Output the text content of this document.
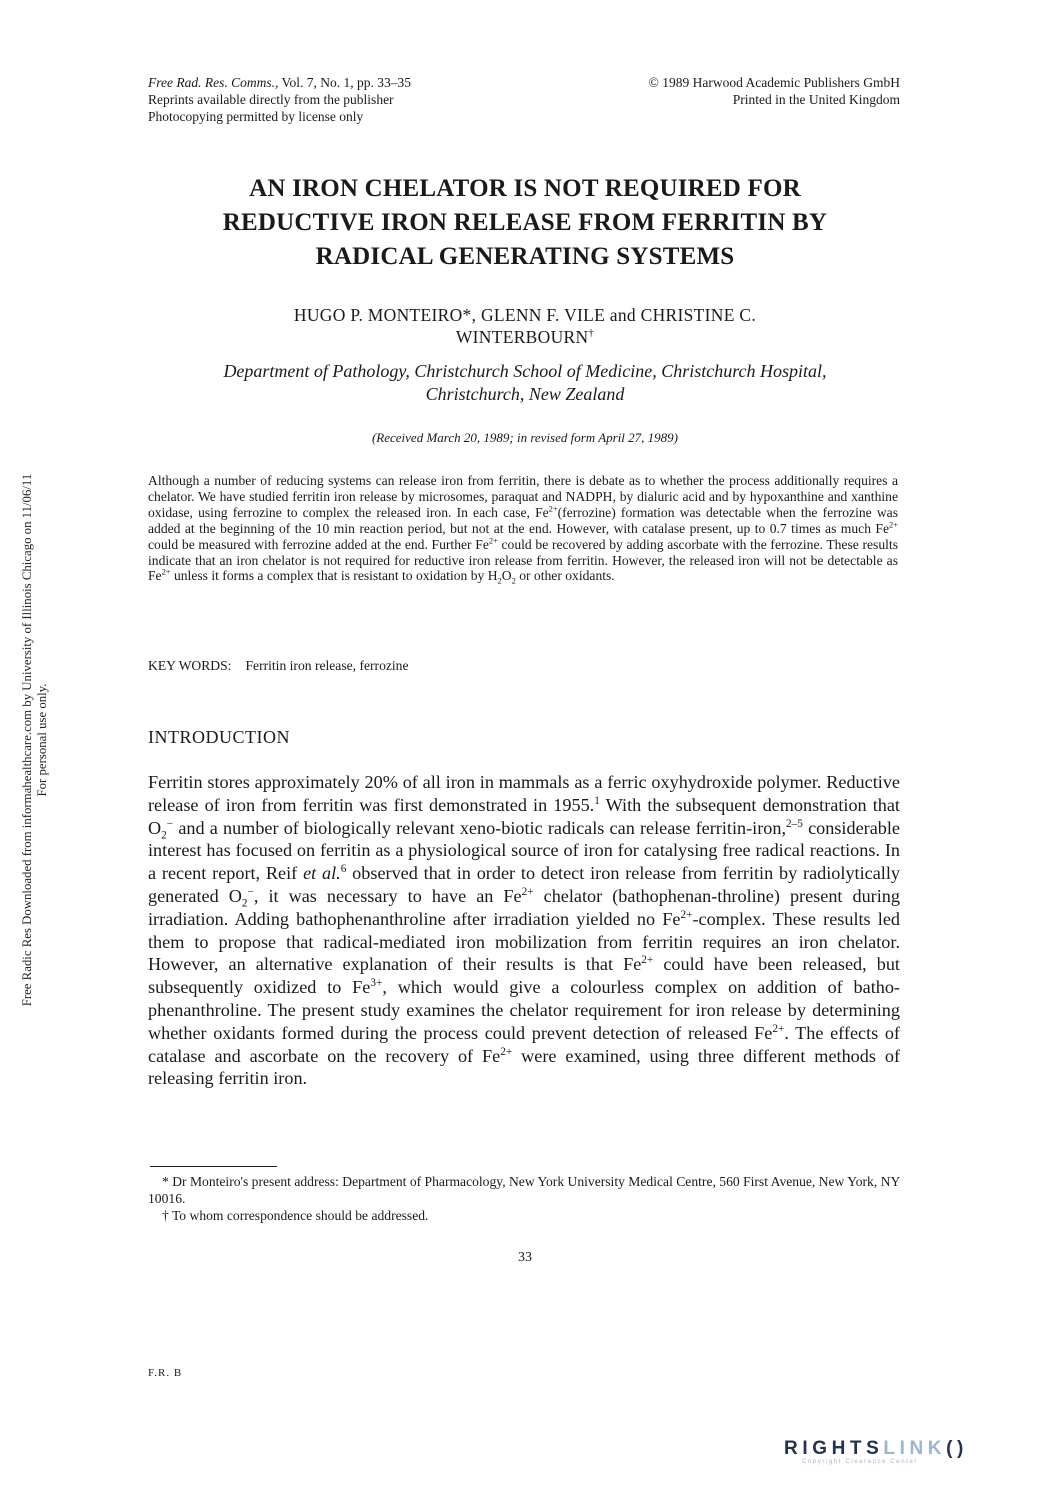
Free Radic Res Downloaded from informahealthcare.com by University of Illinois Chicago on 11/06/11 For personal use only.
Free Rad. Res. Comms., Vol. 7, No. 1, pp. 33–35
Reprints available directly from the publisher
Photocopying permitted by license only
© 1989 Harwood Academic Publishers GmbH
Printed in the United Kingdom
AN IRON CHELATOR IS NOT REQUIRED FOR
REDUCTIVE IRON RELEASE FROM FERRITIN BY
RADICAL GENERATING SYSTEMS
HUGO P. MONTEIRO*, GLENN F. VILE and CHRISTINE C.
WINTERBOURN†
Department of Pathology, Christchurch School of Medicine, Christchurch Hospital,
Christchurch, New Zealand
(Received March 20, 1989; in revised form April 27, 1989)
Although a number of reducing systems can release iron from ferritin, there is debate as to whether the process additionally requires a chelator. We have studied ferritin iron release by microsomes, paraquat and NADPH, by dialuric acid and by hypoxanthine and xanthine oxidase, using ferrozine to complex the released iron. In each case, $Fe^{2+}(ferrozine)$ formation was detectable when the ferrozine was added at the beginning of the 10 min reaction period, but not at the end. However, with catalase present, up to 0.7 times as much $Fe^{2+}$ could be measured with ferrozine added at the end. Further $Fe^{2+}$ could be recovered by adding ascorbate with the ferrozine. These results indicate that an iron chelator is not required for reductive iron release from ferritin. However, the released iron will not be detectable as $Fe^{2+}$ unless it forms a complex that is resistant to oxidation by $H_2O_2$ or other oxidants.
KEY WORDS: Ferritin iron release, ferrozine
INTRODUCTION
Ferritin stores approximately 20% of all iron in mammals as a ferric oxyhydroxide polymer. Reductive release of iron from ferritin was first demonstrated in 1955.$^1$ With the subsequent demonstration that $O_2^-$ and a number of biologically relevant xeno-biotic radicals can release ferritin-iron,$^{2-5}$ considerable interest has focused on ferritin as a physiological source of iron for catalysing free radical reactions. In a recent report, Reif et al.$^6$ observed that in order to detect iron release from ferritin by radiolytically generated $O_2^-$, it was necessary to have an $Fe^{2+}$ chelator (bathophenan-throline) present during irradiation. Adding bathophenanthroline after irradiation yielded no $Fe^{2+}$-complex. These results led them to propose that radical-mediated iron mobilization from ferritin requires an iron chelator. However, an alternative explanation of their results is that $Fe^{2+}$ could have been released, but subsequently oxidized to $Fe^{3+}$, which would give a colourless complex on addition of batho-phenanthroline. The present study examines the chelator requirement for iron release by determining whether oxidants formed during the process could prevent detection of released $Fe^{2+}$. The effects of catalase and ascorbate on the recovery of $Fe^{2+}$ were examined, using three different methods of releasing ferritin iron.

* Dr Monteiro's present address: Department of Pharmacology, New York University Medical Centre, 560 First Avenue, New York, NY 10016.

† To whom correspondence should be addressed.

33
F.R. B
RIGHTSLINK()
Copyright Clearance Center
